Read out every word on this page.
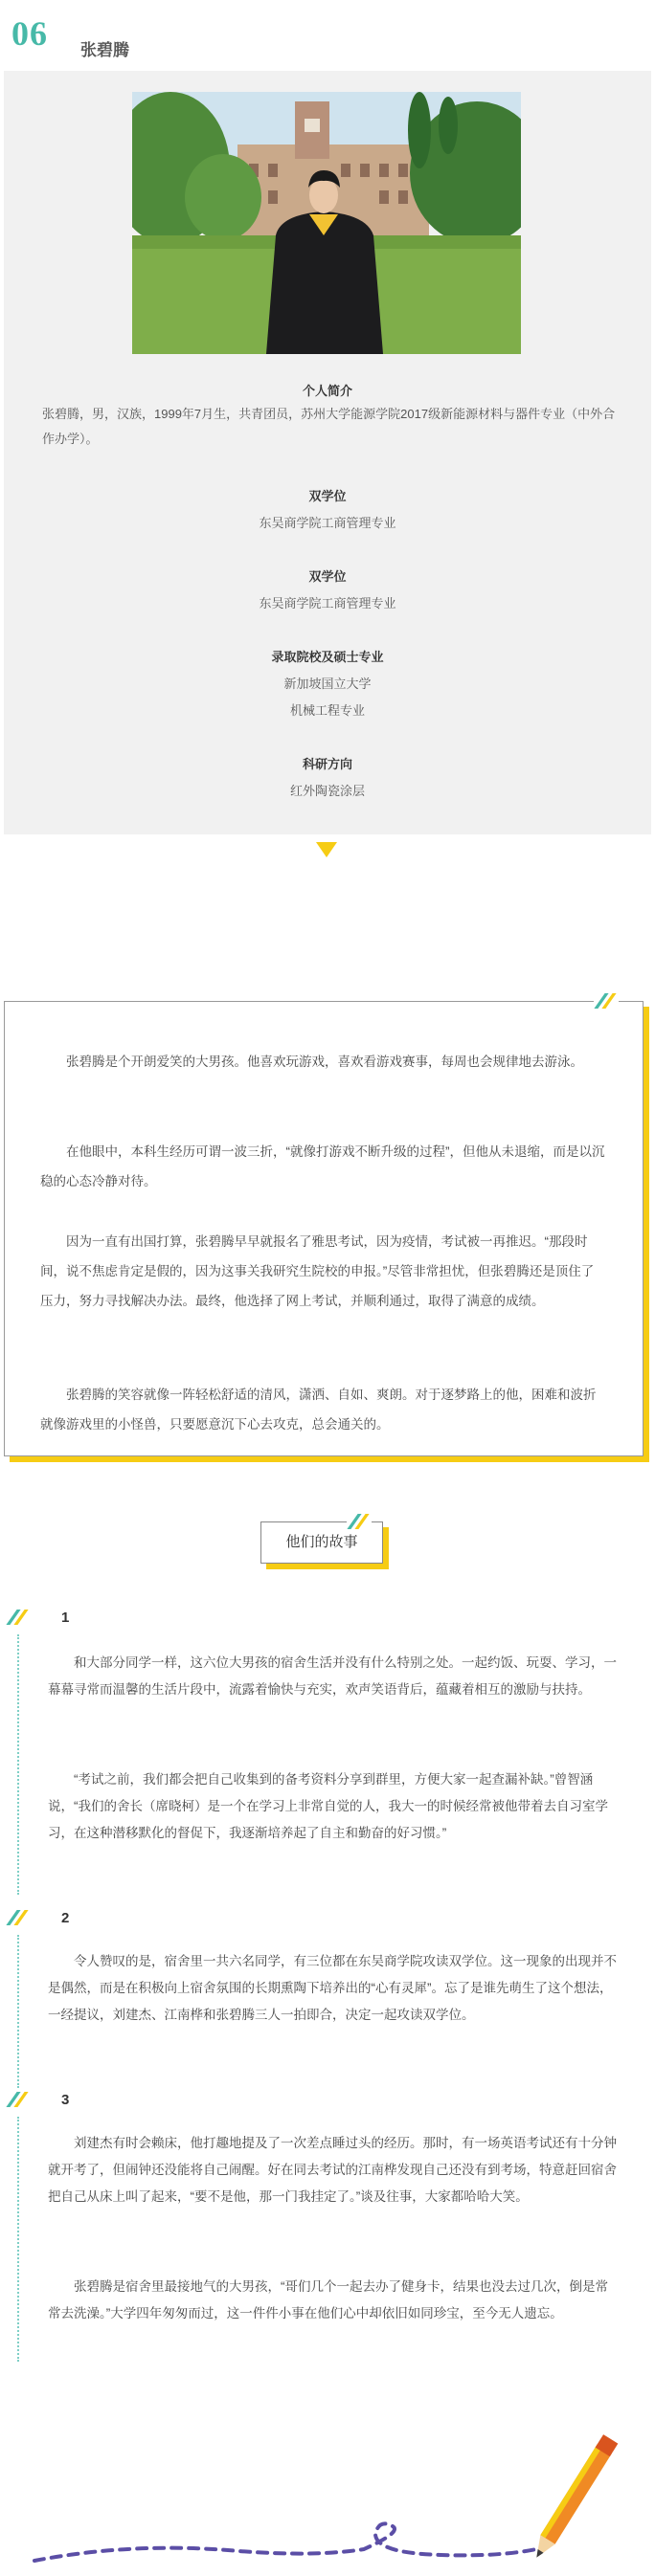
06 张碧腾
个人简介
张碧腾，男，汉族，1999年7月生，共青团员，苏州大学能源学院2017级新能源材料与器件专业（中外合作办学）。
双学位
东吴商学院工商管理专业
双学位
东吴商学院工商管理专业
录取院校及硕士专业
新加坡国立大学
机械工程专业
科研方向
红外陶瓷涂层
张碧腾是个开朗爱笑的大男孩。他喜欢玩游戏，喜欢看游戏赛事，每周也会规律地去游泳。
在他眼中，本科生经历可谓一波三折，“就像打游戏不断升级的过程”，但他从未退缩，而是以沉稳的心态冷静对待。
因为一直有出国打算，张碧腾早早就报名了雅思考试，因为疫情，考试被一再推迟。“那段时间，说不焦虑肯定是假的，因为这事关我研究生院校的申报。”尽管非常担忧，但张碧腾还是顶住了压力，努力寻找解决办法。最终，他选择了网上考试，并顺利通过，取得了满意的成绩。
张碧腾的笑容就像一阵轻松舒适的清风，潇洒、自如、爽朗。对于逐梦路上的他，困难和波折就像游戏里的小怪兽，只要愿意沉下心去攻克，总会通关的。
他们的故事
1
和大部分同学一样，这六位大男孩的宿舍生活并没有什么特别之处。一起约饭、玩耍、学习，一幕幕寻常而温馨的生活片段中，流露着愉快与充实，欢声笑语背后，蕴藏着相互的激励与扶持。
“考试之前，我们都会把自己收集到的备考资料分享到群里，方便大家一起查漏补缺。”曾智涵说，“我们的舍长（席晓柯）是一个在学习上非常自觉的人，我大一的时候经常被他带着去自习室学习，在这种潜移默化的督促下，我逐渐培养起了自主和勤奋的好习惯。”
2
令人赞叹的是，宿舍里一共六名同学，有三位都在东吴商学院攻读双学位。这一现象的出现并不是偶然，而是在积极向上宿舍氛围的长期熏陶下培养出的“心有灵犀”。忘了是谁先萌生了这个想法，一经提议，刘建杰、江南桦和张碧腾三人一拍即合，决定一起攻读双学位。
3
刘建杰有时会赖床，他打趣地提及了一次差点睡过头的经历。那时，有一场英语考试还有十分钟就开考了，但闹钟还没能将自己闹醒。好在同去考试的江南桦发现自己还没有到考场，特意赶回宿舍把自己从床上叫了起来，“要不是他，那一门我挂定了。”谈及往事，大家都哈哈大笑。
张碧腾是宿舍里最接地气的大男孩，“哥们几个一起去办了健身卡，结果也没去过几次，倒是常常去洗澡。”大学四年匆匆而过，这一件件小事在他们心中却依旧如同珍宝，至今无人遗忘。
